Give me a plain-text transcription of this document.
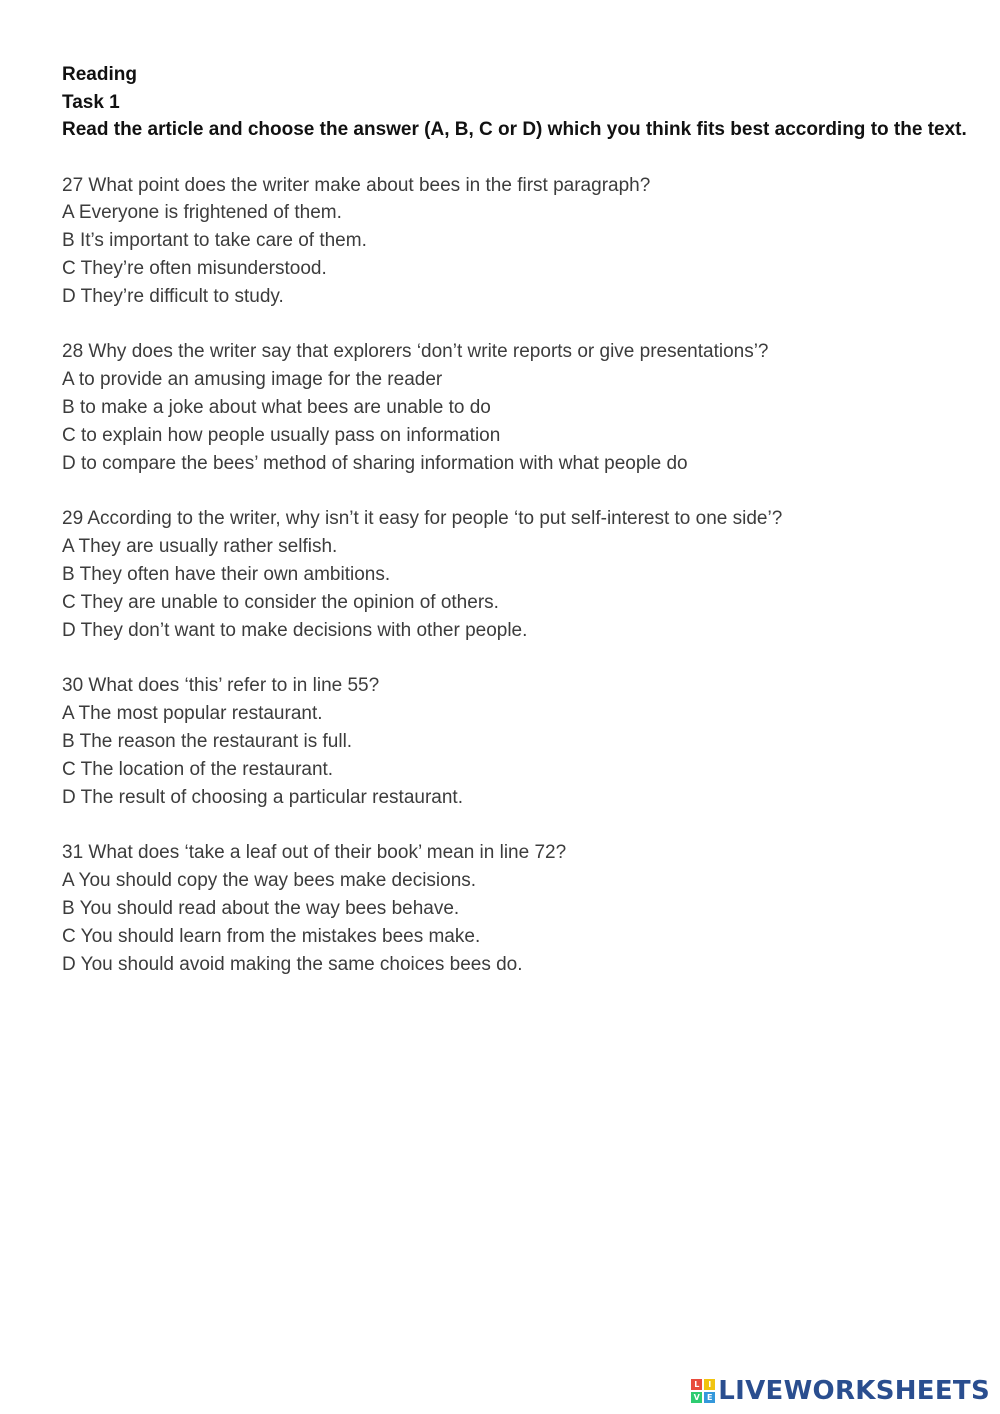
Reading
Task 1

Read the article and choose the answer (A, B, C or D) which you think fits best according to the text.

27 What point does the writer make about bees in the first paragraph?
A Everyone is frightened of them.
B It’s important to take care of them.
C They’re often misunderstood.
D They’re difficult to study.
28 Why does the writer say that explorers ‘don’t write reports or give presentations’?
A to provide an amusing image for the reader
B to make a joke about what bees are unable to do
C to explain how people usually pass on information
D to compare the bees’ method of sharing information with what people do
29 According to the writer, why isn’t it easy for people ‘to put self-interest to one side’?
A They are usually rather selfish.
B They often have their own ambitions.
C They are unable to consider the opinion of others.
D They don’t want to make decisions with other people.
30 What does ‘this’ refer to in line 55?
A The most popular restaurant.
B The reason the restaurant is full.
C The location of the restaurant.
D The result of choosing a particular restaurant.
31 What does ‘take a leaf out of their book’ mean in line 72?
A You should copy the way bees make decisions.
B You should read about the way bees behave.
C You should learn from the mistakes bees make.
D You should avoid making the same choices bees do.
L	I
V E LIVEWORKSHEETS
